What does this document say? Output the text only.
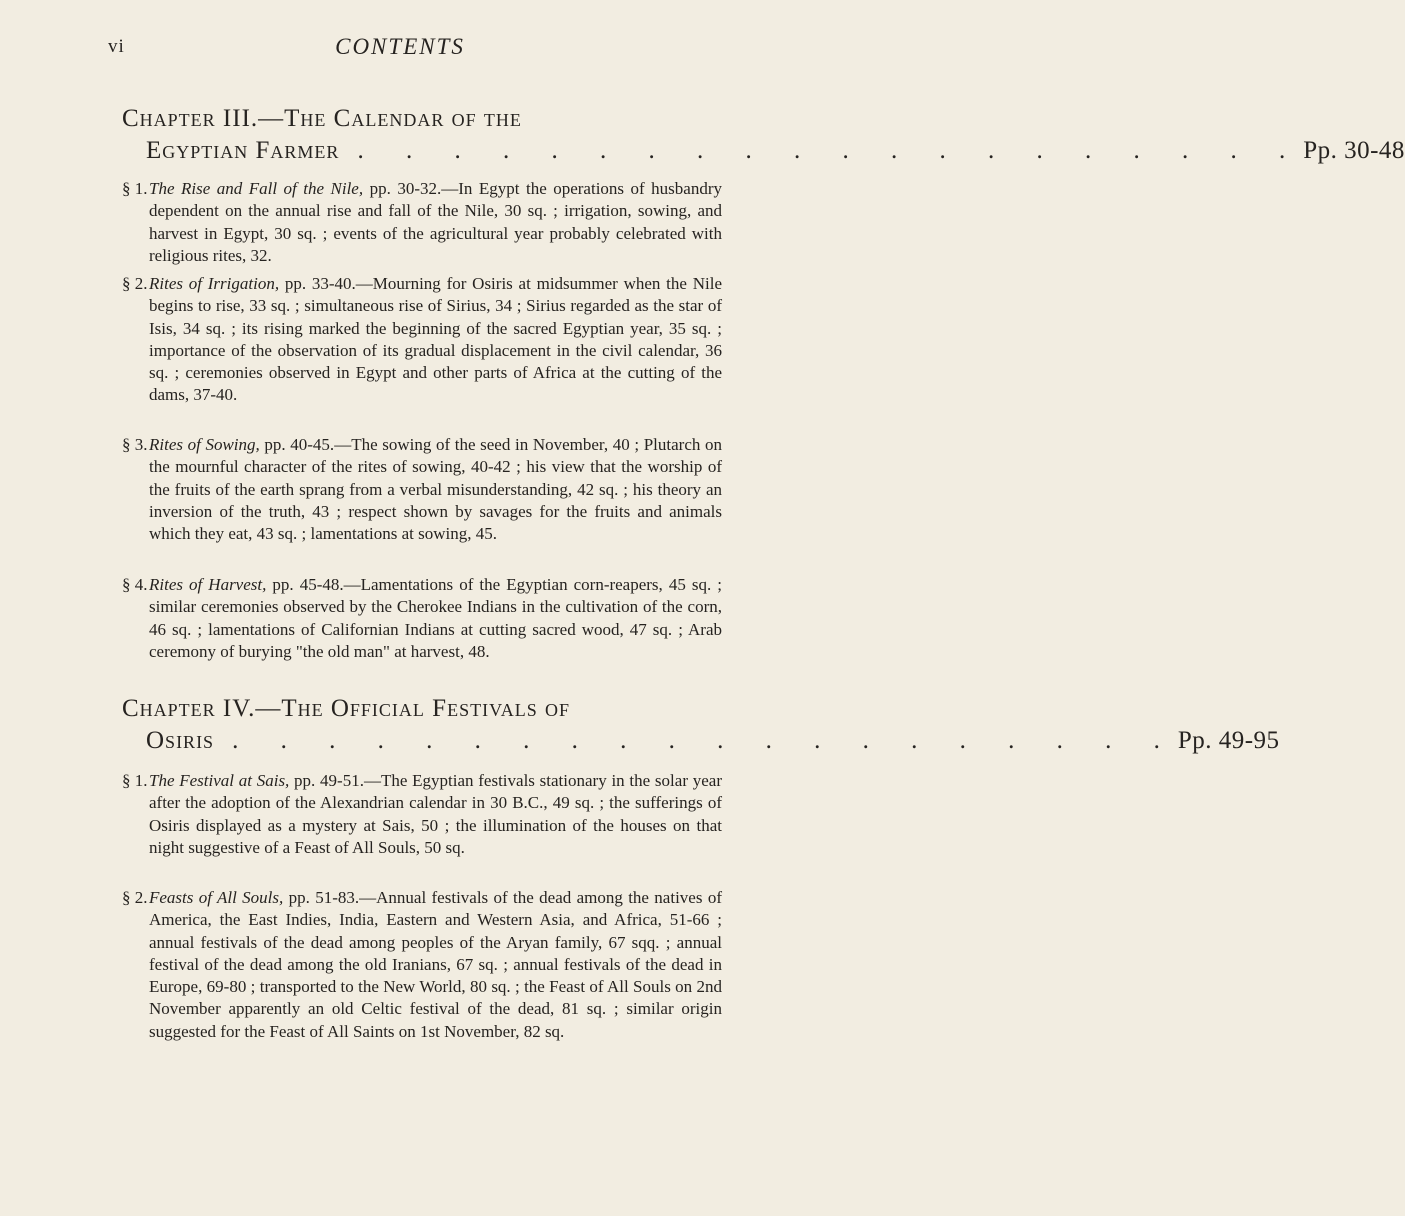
vi	CONTENTS
Chapter III.—The Calendar of the
Egyptian Farmer . . . . . . . . . . . . . . . . . . . . Pp. 30-48
§ 1. The Rise and Fall of the Nile, pp. 30-32.—In Egypt the operations of husbandry dependent on the annual rise and fall of the Nile, 30 sq. ; irrigation, sowing, and harvest in Egypt, 30 sq. ; events of the agricultural year probably celebrated with religious rites, 32.
§ 2. Rites of Irrigation, pp. 33-40.—Mourning for Osiris at midsummer when the Nile begins to rise, 33 sq. ; simultaneous rise of Sirius, 34 ; Sirius regarded as the star of Isis, 34 sq. ; its rising marked the beginning of the sacred Egyptian year, 35 sq. ; importance of the observation of its gradual displacement in the civil calendar, 36 sq. ; ceremonies observed in Egypt and other parts of Africa at the cutting of the dams, 37-40.
§ 3. Rites of Sowing, pp. 40-45.—The sowing of the seed in November, 40 ; Plutarch on the mournful character of the rites of sowing, 40-42 ; his view that the worship of the fruits of the earth sprang from a verbal misunderstanding, 42 sq. ; his theory an inversion of the truth, 43 ; respect shown by savages for the fruits and animals which they eat, 43 sq. ; lamentations at sowing, 45.
§ 4. Rites of Harvest, pp. 45-48.—Lamentations of the Egyptian corn-reapers, 45 sq. ; similar ceremonies observed by the Cherokee Indians in the cultivation of the corn, 46 sq. ; lamentations of Californian Indians at cutting sacred wood, 47 sq. ; Arab ceremony of burying "the old man" at harvest, 48.
Chapter IV.—The Official Festivals of
Osiris . . . . . . . . . . . . . . . . . . . . Pp. 49-95
§ 1. The Festival at Sais, pp. 49-51.—The Egyptian festivals stationary in the solar year after the adoption of the Alexandrian calendar in 30 B.C., 49 sq. ; the sufferings of Osiris displayed as a mystery at Sais, 50 ; the illumination of the houses on that night suggestive of a Feast of All Souls, 50 sq.
§ 2. Feasts of All Souls, pp. 51-83.—Annual festivals of the dead among the natives of America, the East Indies, India, Eastern and Western Asia, and Africa, 51-66 ; annual festivals of the dead among peoples of the Aryan family, 67 sqq. ; annual festival of the dead among the old Iranians, 67 sq. ; annual festivals of the dead in Europe, 69-80 ; transported to the New World, 80 sq. ; the Feast of All Souls on 2nd November apparently an old Celtic festival of the dead, 81 sq. ; similar origin suggested for the Feast of All Saints on 1st November, 82 sq.
